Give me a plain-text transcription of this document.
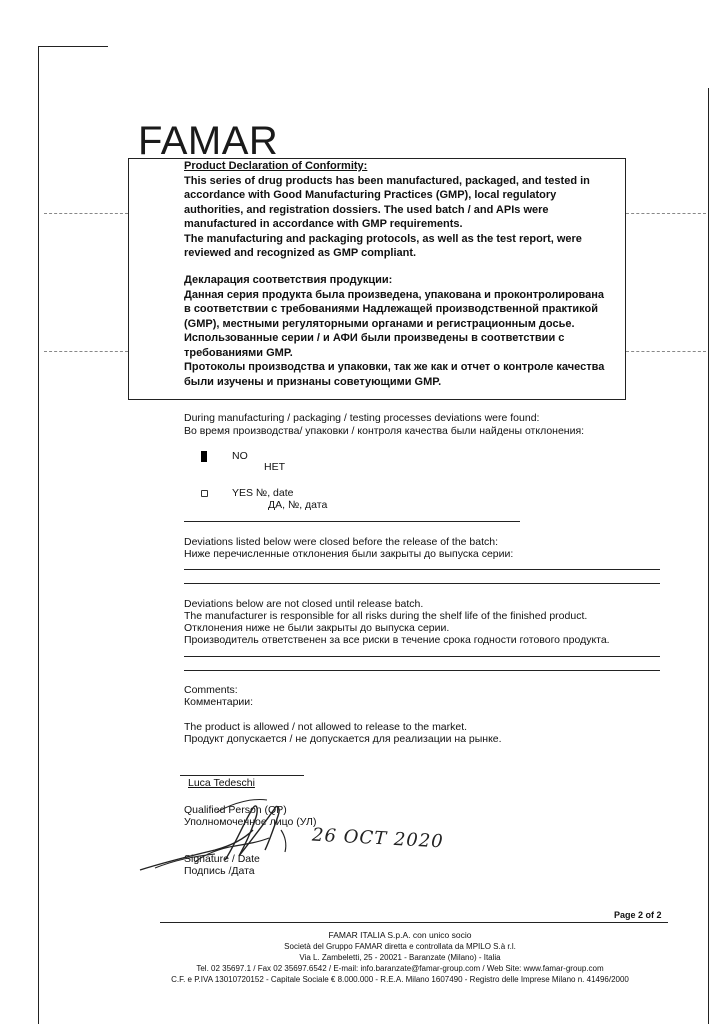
FAMAR

Product Declaration of Conformity:

This series of drug products has been manufactured, packaged, and tested in

accordance with Good Manufacturing Practices (GMP), local regulatory

authorities, and registration dossiers. The used batch / and APIs were

manufactured in accordance with GMP requirements.

The manufacturing and packaging protocols, as well as the test report, were

reviewed and recognized as GMP compliant.

Декларация соответствия продукции:

Данная серия продукта была произведена, упакована и проконтролирована

в соответствии с требованиями Надлежащей производственной практикой

(GMP), местными регуляторными органами и регистрационным досье.

Использованные серии / и АФИ были произведены в соответствии с

требованиями GMP.

Протоколы производства и упаковки, так же как и отчет о контроле качества

были изучены и признаны советующими GMP.

During manufacturing / packaging / testing processes deviations were found:
Во время производства/ упаковки / контроля качества были найдены отклонения:
NO
НЕТ
YES №, date
ДА, №, дата
Deviations listed below were closed before the release of the batch:
Ниже перечисленные отклонения были закрыты до выпуска серии:
Deviations below are not closed until release batch.
The manufacturer is responsible for all risks during the shelf life of the finished product.
Отклонения ниже не были закрыты до выпуска серии.
Производитель ответственен за все риски в течение срока годности готового продукта.
Comments:
Комментарии:
The product is allowed / not allowed to release to the market.
Продукт допускается / не допускается для реализации на рынке.
Luca Tedeschi
Qualified Person (QP)
Уполномоченное лицо (УЛ)
Signature / Date
Подпись /Дата
26 OCT 2020
Page 2 of 2
FAMAR ITALIA S.p.A. con unico socio
Società del Gruppo FAMAR diretta e controllata da MPILO S.à r.l.
Via L. Zambeletti, 25 - 20021 - Baranzate (Milano) - Italia
Tel. 02 35697.1 / Fax 02 35697.6542 / E-mail: info.baranzate@famar-group.com / Web Site: www.famar-group.com
C.F. e P.IVA 13010720152 - Capitale Sociale € 8.000.000 - R.E.A. Milano 1607490 - Registro delle Imprese Milano n. 41496/2000
